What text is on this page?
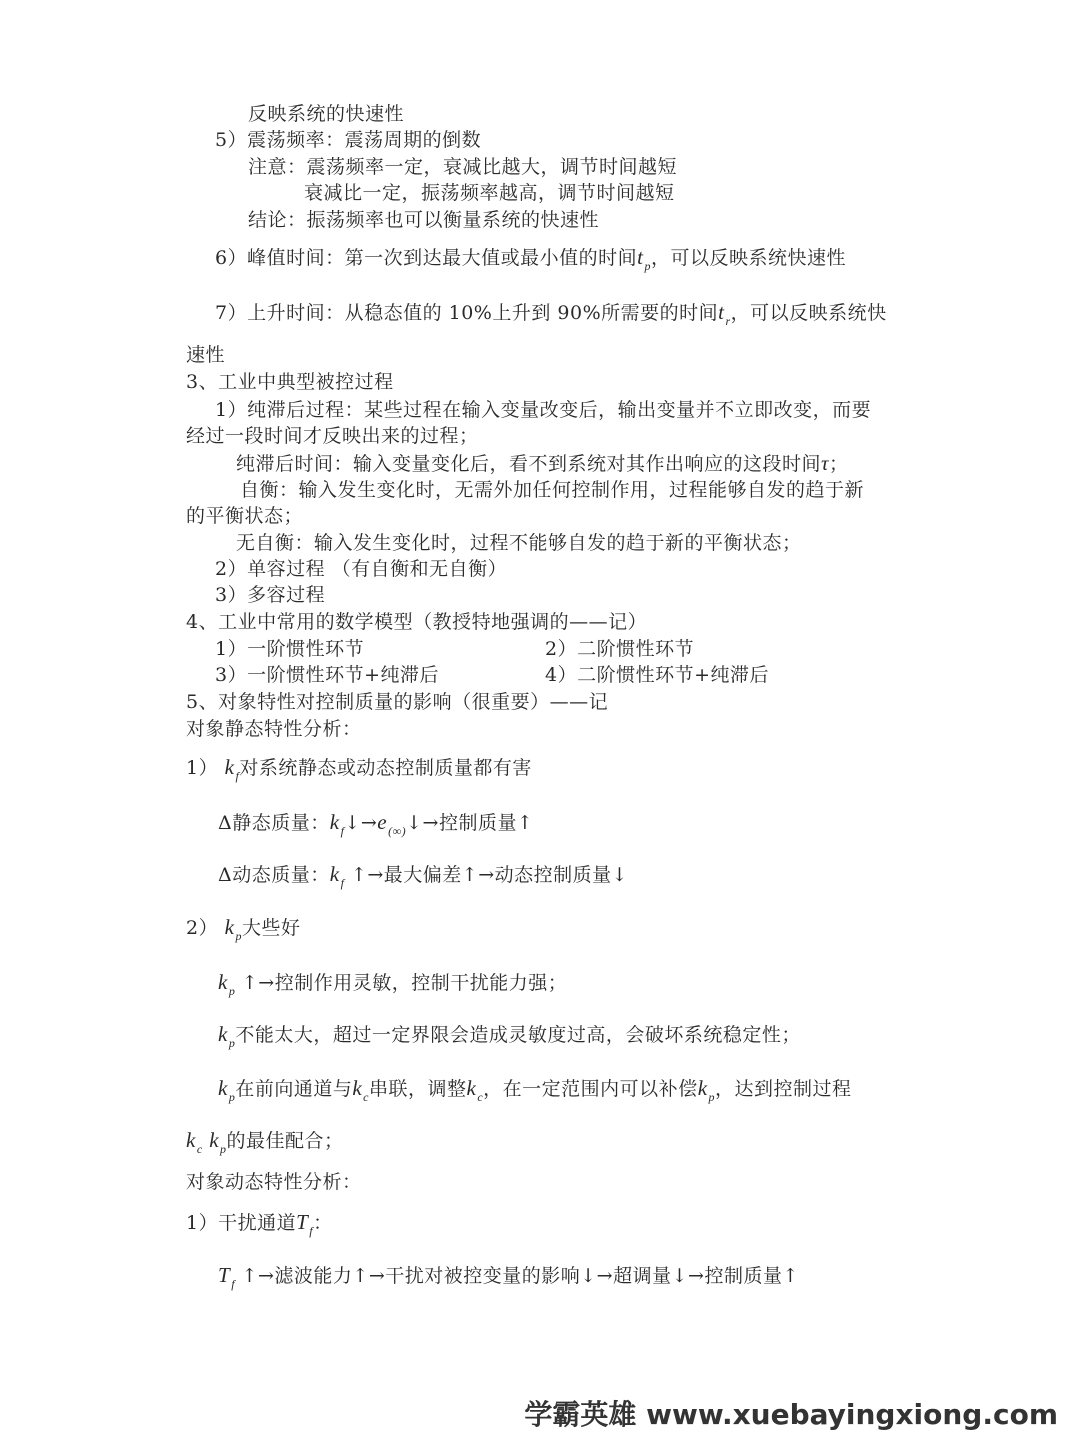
反映系统的快速性
5）震荡频率：震荡周期的倒数
注意：震荡频率一定，衰减比越大，调节时间越短
衰减比一定，振荡频率越高，调节时间越短
结论：振荡频率也可以衡量系统的快速性
6）峰值时间：第一次到达最大值或最小值的时间$t_p$，可以反映系统快速性
7）上升时间：从稳态值的 10%上升到 90%所需要的时间$t_r$，可以反映系统快
速性
3、工业中典型被控过程
1）纯滞后过程：某些过程在输入变量改变后，输出变量并不立即改变，而要
经过一段时间才反映出来的过程；
纯滞后时间：输入变量变化后，看不到系统对其作出响应的这段时间τ；
自衡：输入发生变化时，无需外加任何控制作用，过程能够自发的趋于新
的平衡状态；
无自衡：输入发生变化时，过程不能够自发的趋于新的平衡状态；
2）单容过程 （有自衡和无自衡）
3）多容过程
4、工业中常用的数学模型（教授特地强调的——记）
1）一阶惯性环节	2）二阶惯性环节
3）一阶惯性环节+纯滞后	4）二阶惯性环节+纯滞后
5、对象特性对控制质量的影响（很重要）——记
对象静态特性分析：
1） $k_f$对系统静态或动态控制质量都有害
Δ静态质量：$k_f↓\to e_{(\infty)}↓\to$控制质量↑
Δ动态质量：$k_f$ ↑→最大偏差↑→动态控制质量↓
2） $k_p$大些好
$k_p$ ↑→控制作用灵敏，控制干扰能力强；
$k_p$不能太大，超过一定界限会造成灵敏度过高，会破坏系统稳定性；
$k_p$在前向通道与$k_c$串联，调整$k_c$，在一定范围内可以补偿$k_p$，达到控制过程
$k_c$ $k_p$的最佳配合；
对象动态特性分析：
1）干扰通道$T_f$：
$T_f$ ↑→滤波能力↑→干扰对被控变量的影响↓→超调量↓→控制质量↑
学霸英雄 www.xuebayingxiong.com
